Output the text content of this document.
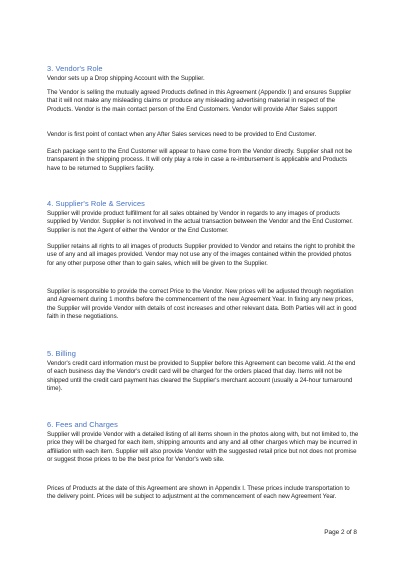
3. Vendor's Role

Vendor sets up a Drop shipping Account with the Supplier.

The Vendor is selling the mutually agreed Products defined in this Agreement (Appendix I) and ensures Supplier that it will not make any misleading claims or produce any misleading advertising material in respect of the Products. Vendor is the main contact person of the End Customers. Vendor will provide After Sales support

Vendor is first point of contact when any After Sales services need to be provided to End Customer.

Each package sent to the End Customer will appear to have come from the Vendor directly. Supplier shall not be transparent in the shipping process. It will only play a role in case a re-imbursement is applicable and Products have to be returned to Suppliers facility.

4. Supplier's Role & Services

Supplier will provide product fulfillment for all sales obtained by Vendor in regards to any images of products supplied by Vendor. Supplier is not involved in the actual transaction between the Vendor and the End Customer. Supplier is not the Agent of either the Vendor or the End Customer.

Supplier retains all rights to all images of products Supplier provided to Vendor and retains the right to prohibit the use of any and all images provided. Vendor may not use any of the images contained within the provided photos for any other purpose other than to gain sales, which will be given to the Supplier.

Supplier is responsible to provide the correct Price to the Vendor. New prices will be adjusted through negotiation and Agreement during 1 months before the commencement of the new Agreement Year. In fixing any new prices, the Supplier will provide Vendor with details of cost increases and other relevant data. Both Parties will act in good faith in these negotiations.

5. Billing

Vendor's credit card information must be provided to Supplier before this Agreement can become valid. At the end of each business day the Vendor's credit card will be charged for the orders placed that day. Items will not be shipped until the credit card payment has cleared the Supplier's merchant account (usually a 24-hour turnaround time).

6. Fees and Charges

Supplier will provide Vendor with a detailed listing of all items shown in the photos along with, but not limited to, the price they will be charged for each item, shipping amounts and any and all other charges which may be incurred in affiliation with each item. Supplier will also provide Vendor with the suggested retail price but not does not promise or suggest those prices to be the best price for Vendor's web site.

Prices of Products at the date of this Agreement are shown in Appendix I. These prices include transportation to the delivery point. Prices will be subject to adjustment at the commencement of each new Agreement Year.

Page 2 of 8
